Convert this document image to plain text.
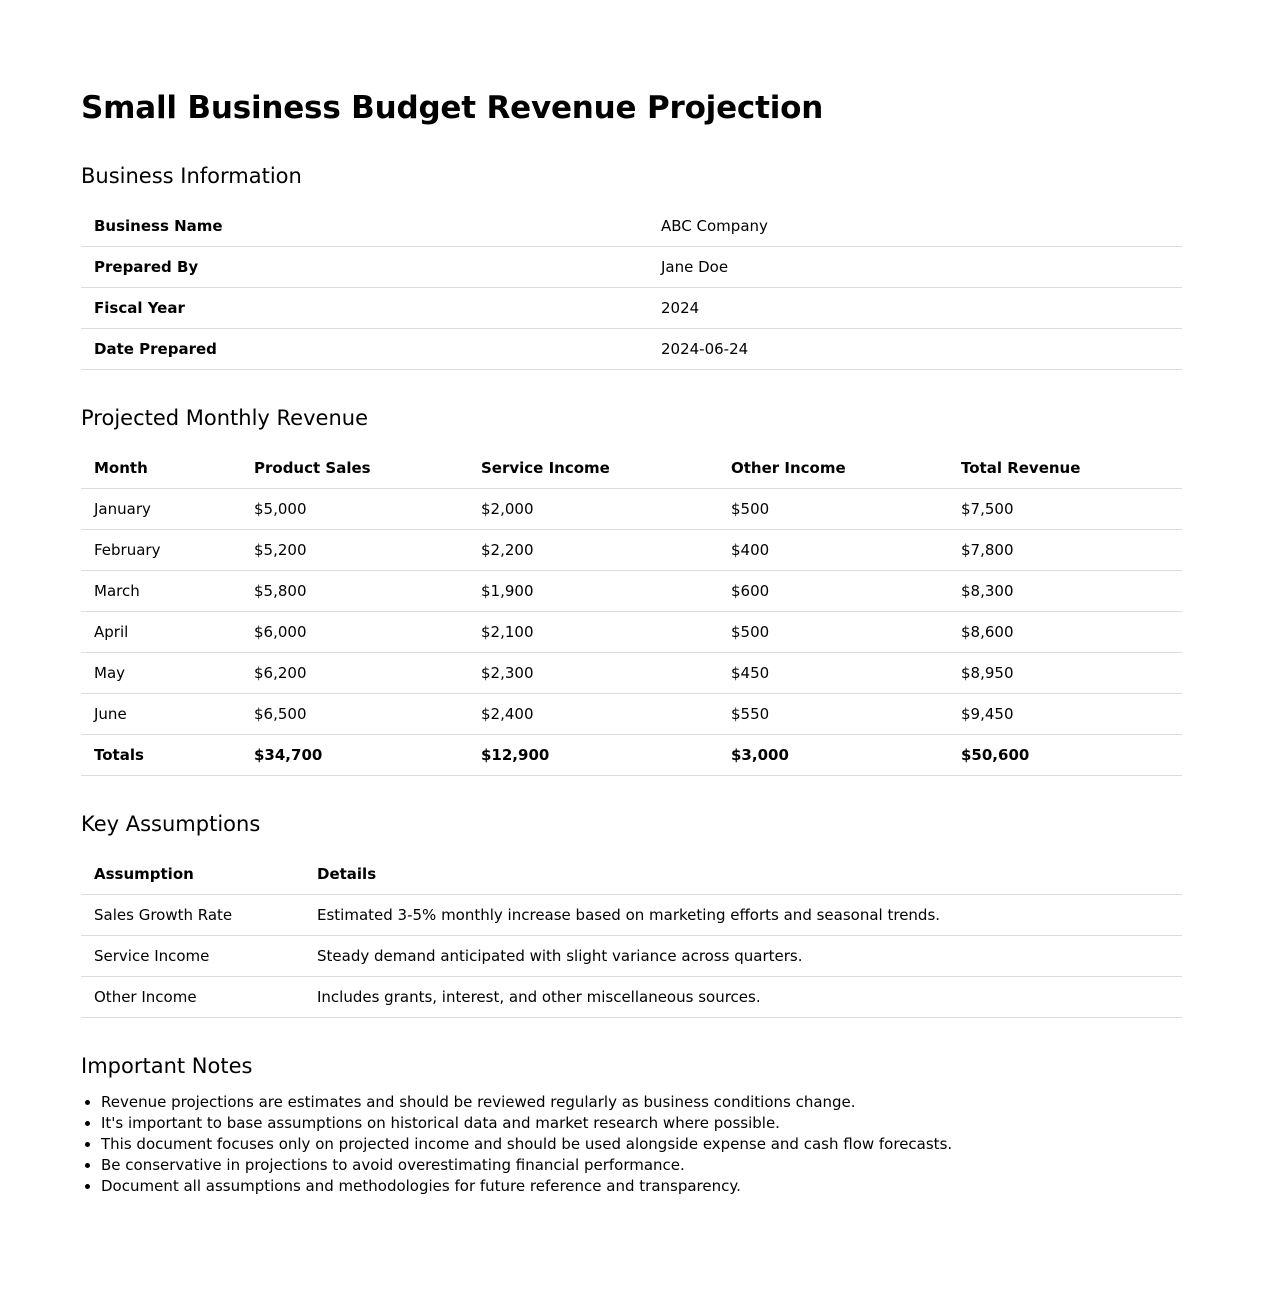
Small Business Budget Revenue Projection
Business Information
Business Name	ABC Company
Prepared By	Jane Doe
Fiscal Year	2024
Date Prepared	2024-06-24
Projected Monthly Revenue
Month	Product Sales	Service Income	Other Income	Total Revenue
January	$5,000	$2,000	$500	$7,500
February	$5,200	$2,200	$400	$7,800
March	$5,800	$1,900	$600	$8,300
April	$6,000	$2,100	$500	$8,600
May	$6,200	$2,300	$450	$8,950
June	$6,500	$2,400	$550	$9,450
Totals	$34,700	$12,900	$3,000	$50,600
Key Assumptions
Assumption	Details
Sales Growth Rate	Estimated 3-5% monthly increase based on marketing efforts and seasonal trends.
Service Income	Steady demand anticipated with slight variance across quarters.
Other Income	Includes grants, interest, and other miscellaneous sources.
Important Notes
• Revenue projections are estimates and should be reviewed regularly as business conditions change.
• It's important to base assumptions on historical data and market research where possible.
• This document focuses only on projected income and should be used alongside expense and cash flow forecasts.
• Be conservative in projections to avoid overestimating financial performance.
• Document all assumptions and methodologies for future reference and transparency.
